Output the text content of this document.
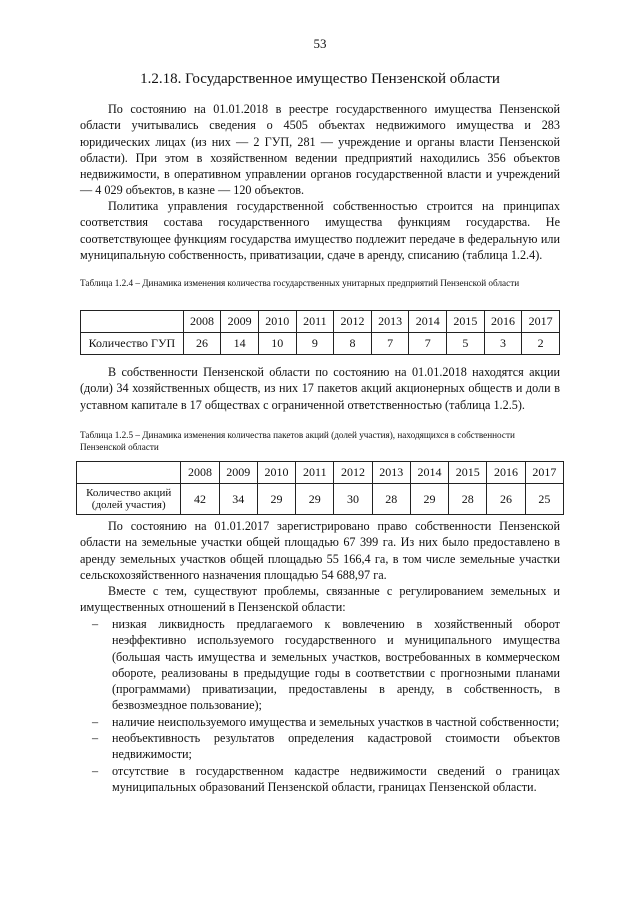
53
1.2.18. Государственное имущество Пензенской области

По состоянию на 01.01.2018 в реестре государственного имущества Пензенской области учитывались сведения о 4505 объектах недвижимого имущества и 283 юридических лицах (из них — 2 ГУП, 281 — учреждение и органы власти Пензенской области). При этом в хозяйственном ведении предприятий находились 356 объектов недвижимости, в оперативном управлении органов государственной власти и учреждений — 4 029 объектов, в казне — 120 объектов.

Политика управления государственной собственностью строится на принципах соответствия состава государственного имущества функциям государства. Не соответствующее функциям государства имущество подлежит передаче в федеральную или муниципальную собственность, приватизации, сдаче в аренду, списанию (таблица 1.2.4).

Таблица 1.2.4 – Динамика изменения количества государственных унитарных предприятий Пензенской области

	2008	2009	2010	2011	2012	2013	2014	2015	2016	2017
Количество ГУП	26	14	10	9	8	7	7	5	3	2

В собственности Пензенской области по состоянию на 01.01.2018 находятся акции (доли) 34 хозяйственных обществ, из них 17 пакетов акций акционерных обществ и доли в уставном капитале в 17 обществах с ограниченной ответственностью (таблица 1.2.5).

Таблица 1.2.5 – Динамика изменения количества пакетов акций (долей участия), находящихся в собственности Пензенской области

	2008	2009	2010	2011	2012	2013	2014	2015	2016	2017
Количество акций
(долей участия)	42	34	29	29	30	28	29	28	26	25

По состоянию на 01.01.2017 зарегистрировано право собственности Пензенской области на земельные участки общей площадью 67 399 га. Из них было предоставлено в аренду земельных участков общей площадью 55 166,4 га, в том числе земельные участки сельскохозяйственного назначения площадью 54 688,97 га.

Вместе с тем, существуют проблемы, связанные с регулированием земельных и имущественных отношений в Пензенской области:

– низкая ликвидность предлагаемого к вовлечению в хозяйственный оборот неэффективно используемого государственного и муниципального имущества (большая часть имущества и земельных участков, востребованных в коммерческом обороте, реализованы в предыдущие годы в соответствии с прогнозными планами (программами) приватизации, предоставлены в аренду, в собственность, в безвозмездное пользование);
– наличие неиспользуемого имущества и земельных участков в частной собственности;
– необъективность результатов определения кадастровой стоимости объектов недвижимости;
– отсутствие в государственном кадастре недвижимости сведений о границах муниципальных образований Пензенской области, границах Пензенской области.
